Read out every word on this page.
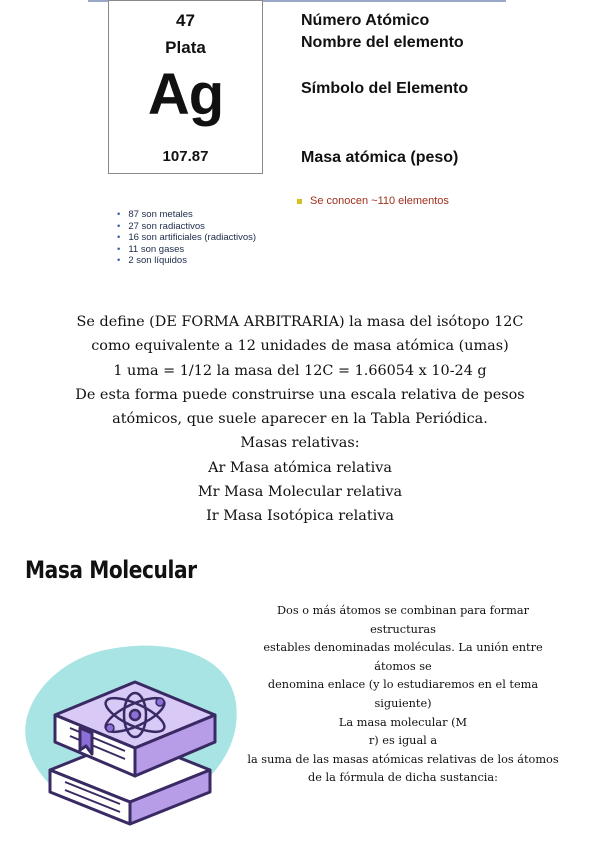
47
Plata
Ag
107.87
Número Atómico
Nombre del elemento
Símbolo del Elemento
Masa atómica (peso)
Se conocen ~110 elementos
• 87 son metales
• 27 son radiactivos
• 16 son artificiales (radiactivos)
• 11 son gases
• 2 son líquidos
Se define (DE FORMA ARBITRARIA) la masa del isótopo 12C
como equivalente a 12 unidades de masa atómica (umas)
1 uma = 1/12 la masa del 12C = 1.66054 x 10-24 g
De esta forma puede construirse una escala relativa de pesos
atómicos, que suele aparecer en la Tabla Periódica.
Masas relativas:
Ar Masa atómica relativa
Mr Masa Molecular relativa
Ir Masa Isotópica relativa
Masa Molecular
Dos o más átomos se combinan para formar
estructuras
estables denominadas moléculas. La unión entre
átomos se
denomina enlace (y lo estudiaremos en el tema
siguiente)
La masa molecular (M
r) es igual a
la suma de las masas atómicas relativas de los átomos
de la fórmula de dicha sustancia:
